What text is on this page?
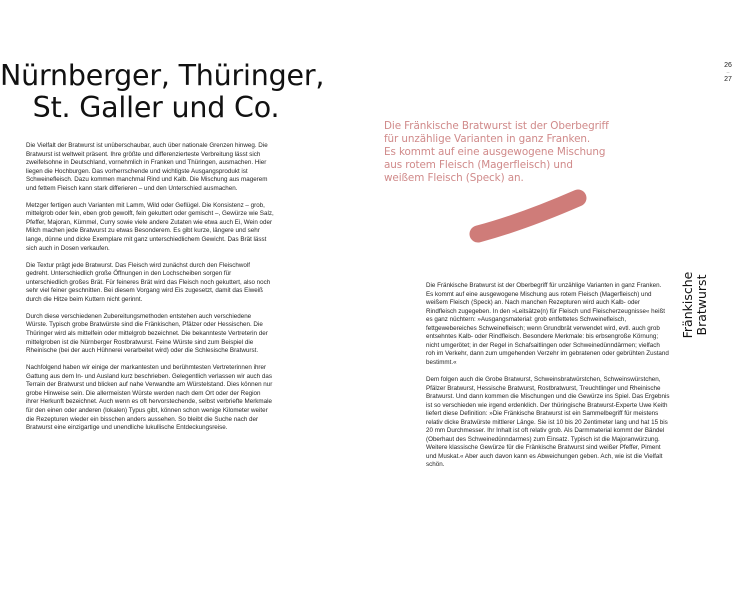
Nürnberger, Thüringer,
St. Galler und Co.
26
–
27

Die Vielfalt der Bratwurst ist unüberschaubar, auch über nationale Grenzen hinweg. Die Bratwurst ist weltweit präsent. Ihre größte und differenzierteste Verbreitung lässt sich zweifelsohne in Deutschland, vornehmlich in Franken und Thüringen, ausmachen. Hier liegen die Hochburgen. Das vorherrschende und wichtigste Ausgangsprodukt ist Schweinefleisch. Dazu kommen manchmal Rind und Kalb. Die Mischung aus magerem und fettem Fleisch kann stark differieren – und den Unterschied ausmachen.

Metzger fertigen auch Varianten mit Lamm, Wild oder Geflügel. Die Konsistenz – grob, mittelgrob oder fein, eben grob gewolft, fein gekuttert oder gemischt –, Gewürze wie Salz, Pfeffer, Majoran, Kümmel, Curry sowie viele andere Zutaten wie etwa auch Ei, Wein oder Milch machen jede Bratwurst zu etwas Besonderem. Es gibt kurze, längere und sehr lange, dünne und dicke Exemplare mit ganz unterschiedlichem Gewicht. Das Brät lässt sich auch in Dosen verkaufen.

Die Textur prägt jede Bratwurst. Das Fleisch wird zunächst durch den Fleischwolf gedreht. Unterschiedlich große Öffnungen in den Lochscheiben sorgen für unterschiedlich großes Brät. Für feineres Brät wird das Fleisch noch gekuttert, also noch sehr viel feiner geschnitten. Bei diesem Vorgang wird Eis zugesetzt, damit das Eiweiß durch die Hitze beim Kuttern nicht gerinnt.

Durch diese verschiedenen Zubereitungsmethoden entstehen auch verschiedene Würste. Typisch grobe Bratwürste sind die Fränkischen, Pfälzer oder Hessischen. Die Thüringer wird als mittelfein oder mittelgrob bezeichnet. Die bekannteste Vertreterin der mittelgroben ist die Nürnberger Rostbratwurst. Feine Würste sind zum Beispiel die Rheinische (bei der auch Hühnerei verarbeitet wird) oder die Schlesische Bratwurst.

Nachfolgend haben wir einige der markantesten und berühmtesten Vertreterinnen ihrer Gattung aus dem In- und Ausland kurz beschrieben. Gelegentlich verlassen wir auch das Terrain der Bratwurst und blicken auf nahe Verwandte am Würstelstand. Dies können nur grobe Hinweise sein. Die allermeisten Würste werden nach dem Ort oder der Region ihrer Herkunft bezeichnet. Auch wenn es oft hervorstechende, selbst verbriefte Merkmale für den einen oder anderen (lokalen) Typus gibt, können schon wenige Kilometer weiter die Rezepturen wieder ein bisschen anders aussehen. So bleibt die Suche nach der Bratwurst eine einzigartige und unendliche lukullische Entdeckungsreise.

Die Fränkische Bratwurst ist der Oberbegriff
für unzählige Varianten in ganz Franken.
Es kommt auf eine ausgewogene Mischung
aus rotem Fleisch (Magerfleisch) und
weißem Fleisch (Speck) an.
Fränkische
Bratwurst

Die Fränkische Bratwurst ist der Oberbegriff für unzählige Varianten in ganz Franken. Es kommt auf eine ausgewogene Mischung aus rotem Fleisch (Magerfleisch) und weißem Fleisch (Speck) an. Nach manchen Rezepturen wird auch Kalb- oder Rindfleisch zugegeben. In den »Leitsätze(n) für Fleisch und Fleischerzeugnisse« heißt es ganz nüchtern: »Ausgangsmaterial: grob entfettetes Schweinefleisch, fettgewebereiches Schweinefleisch; wenn Grundbrät verwendet wird, evtl. auch grob entsehntes Kalb- oder Rindfleisch. Besondere Merkmale: bis erbsengroße Körnung; nicht umgerötet; in der Regel in Schafsaitlingen oder Schweinedünndärmen; vielfach roh im Verkehr, dann zum umgehenden Verzehr im gebratenen oder gebrühten Zustand bestimmt.«

Dem folgen auch die Grobe Bratwurst, Schweinsbratwürstchen, Schweinswürstchen, Pfälzer Bratwurst, Hessische Bratwurst, Rostbratwurst, Treuchtlinger und Rheinische Bratwurst. Und dann kommen die Mischungen und die Gewürze ins Spiel. Das Ergebnis ist so verschieden wie irgend erdenklich. Der thüringische Bratwurst-Experte Uwe Keith liefert diese Definition: »Die Fränkische Bratwurst ist ein Sammelbegriff für meistens relativ dicke Bratwürste mittlerer Länge. Sie ist 10 bis 20 Zentimeter lang und hat 15 bis 20 mm Durchmesser. Ihr Inhalt ist oft relativ grob. Als Darmmaterial kommt der Bändel (Oberhaut des Schweinedünndarmes) zum Einsatz. Typisch ist die Majoranwürzung. Weitere klassische Gewürze für die Fränkische Bratwurst sind weißer Pfeffer, Piment und Muskat.« Aber auch davon kann es Abweichungen geben. Ach, wie ist die Vielfalt schön.
